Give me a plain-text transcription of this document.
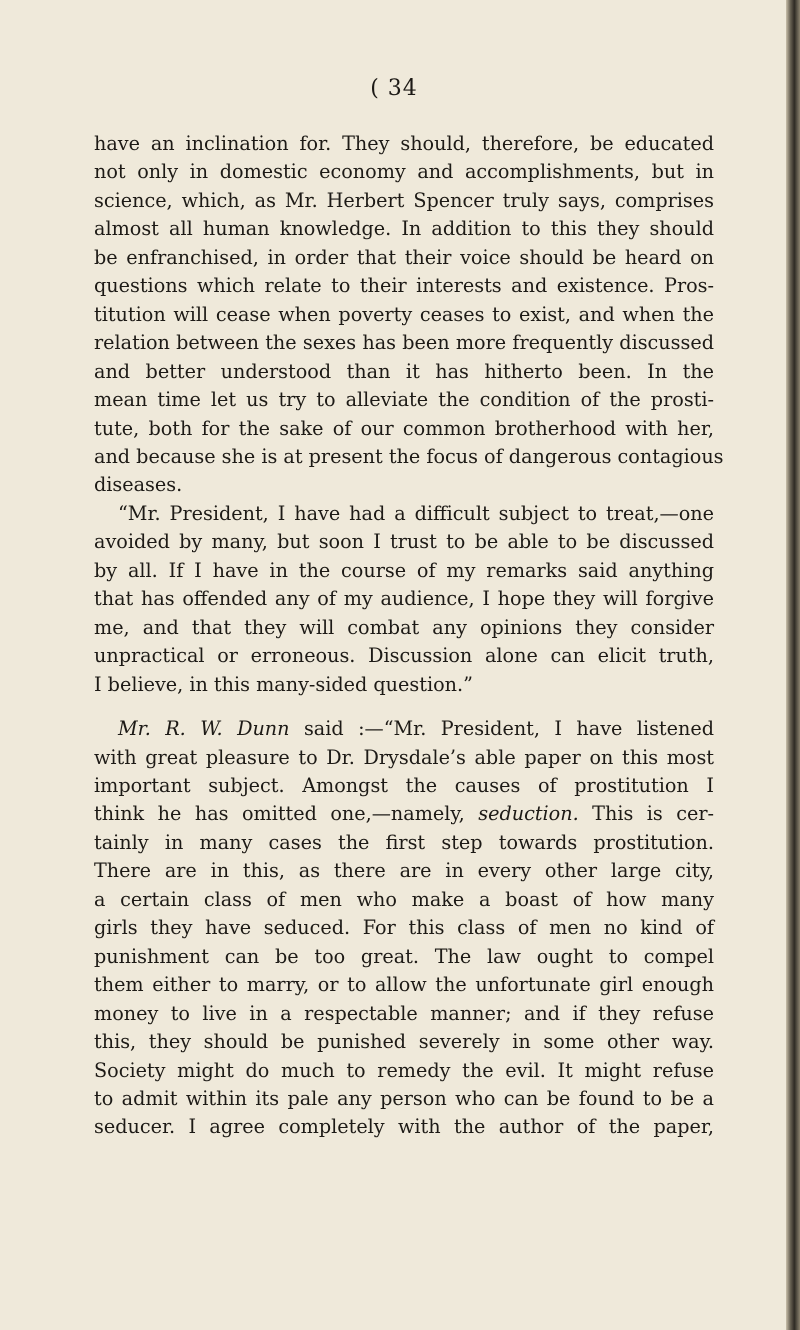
( 34
have an inclination for. They should, therefore, be educated
not only in domestic economy and accomplishments, but in
science, which, as Mr. Herbert Spencer truly says, comprises
almost all human knowledge. In addition to this they should
be enfranchised, in order that their voice should be heard on
questions which relate to their interests and existence. Pros-
titution will cease when poverty ceases to exist, and when the
relation between the sexes has been more frequently discussed
and better understood than it has hitherto been. In the
mean time let us try to alleviate the condition of the prosti-
tute, both for the sake of our common brotherhood with her,
and because she is at present the focus of dangerous contagious
diseases.
“Mr. President, I have had a difficult subject to treat,—one
avoided by many, but soon I trust to be able to be discussed
by all. If I have in the course of my remarks said anything
that has offended any of my audience, I hope they will forgive
me, and that they will combat any opinions they consider
unpractical or erroneous. Discussion alone can elicit truth,
I believe, in this many-sided question.”
Mr. R. W. Dunn said :—“Mr. President, I have listened
with great pleasure to Dr. Drysdale’s able paper on this most
important subject. Amongst the causes of prostitution I
think he has omitted one,—namely, seduction. This is cer-
tainly in many cases the first step towards prostitution.
There are in this, as there are in every other large city,
a certain class of men who make a boast of how many
girls they have seduced. For this class of men no kind of
punishment can be too great. The law ought to compel
them either to marry, or to allow the unfortunate girl enough
money to live in a respectable manner; and if they refuse
this, they should be punished severely in some other way.
Society might do much to remedy the evil. It might refuse
to admit within its pale any person who can be found to be a
seducer. I agree completely with the author of the paper,
